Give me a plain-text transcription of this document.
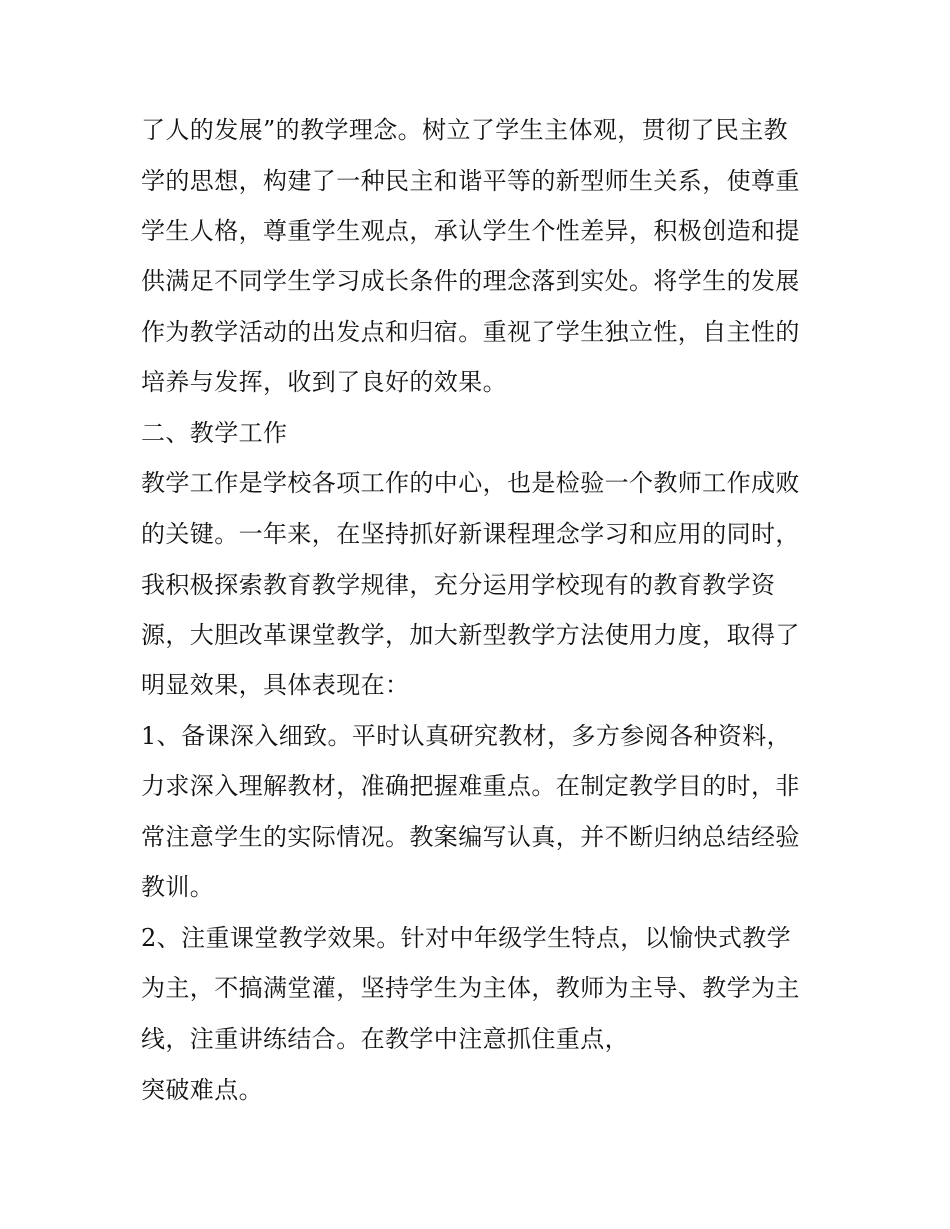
了人的发展”的教学理念。树立了学生主体观，贯彻了民主教
学的思想，构建了一种民主和谐平等的新型师生关系，使尊重
学生人格，尊重学生观点，承认学生个性差异，积极创造和提
供满足不同学生学习成长条件的理念落到实处。将学生的发展
作为教学活动的出发点和归宿。重视了学生独立性，自主性的
培养与发挥，收到了良好的效果。
二、教学工作
教学工作是学校各项工作的中心，也是检验一个教师工作成败
的关键。一年来，在坚持抓好新课程理念学习和应用的同时，
我积极探索教育教学规律，充分运用学校现有的教育教学资
源，大胆改革课堂教学，加大新型教学方法使用力度，取得了
明显效果，具体表现在：
1、备课深入细致。平时认真研究教材，多方参阅各种资料，
力求深入理解教材，准确把握难重点。在制定教学目的时，非
常注意学生的实际情况。教案编写认真，并不断归纳总结经验
教训。
2、注重课堂教学效果。针对中年级学生特点，以愉快式教学
为主，不搞满堂灌，坚持学生为主体，教师为主导、教学为主
线，注重讲练结合。在教学中注意抓住重点，
突破难点。
